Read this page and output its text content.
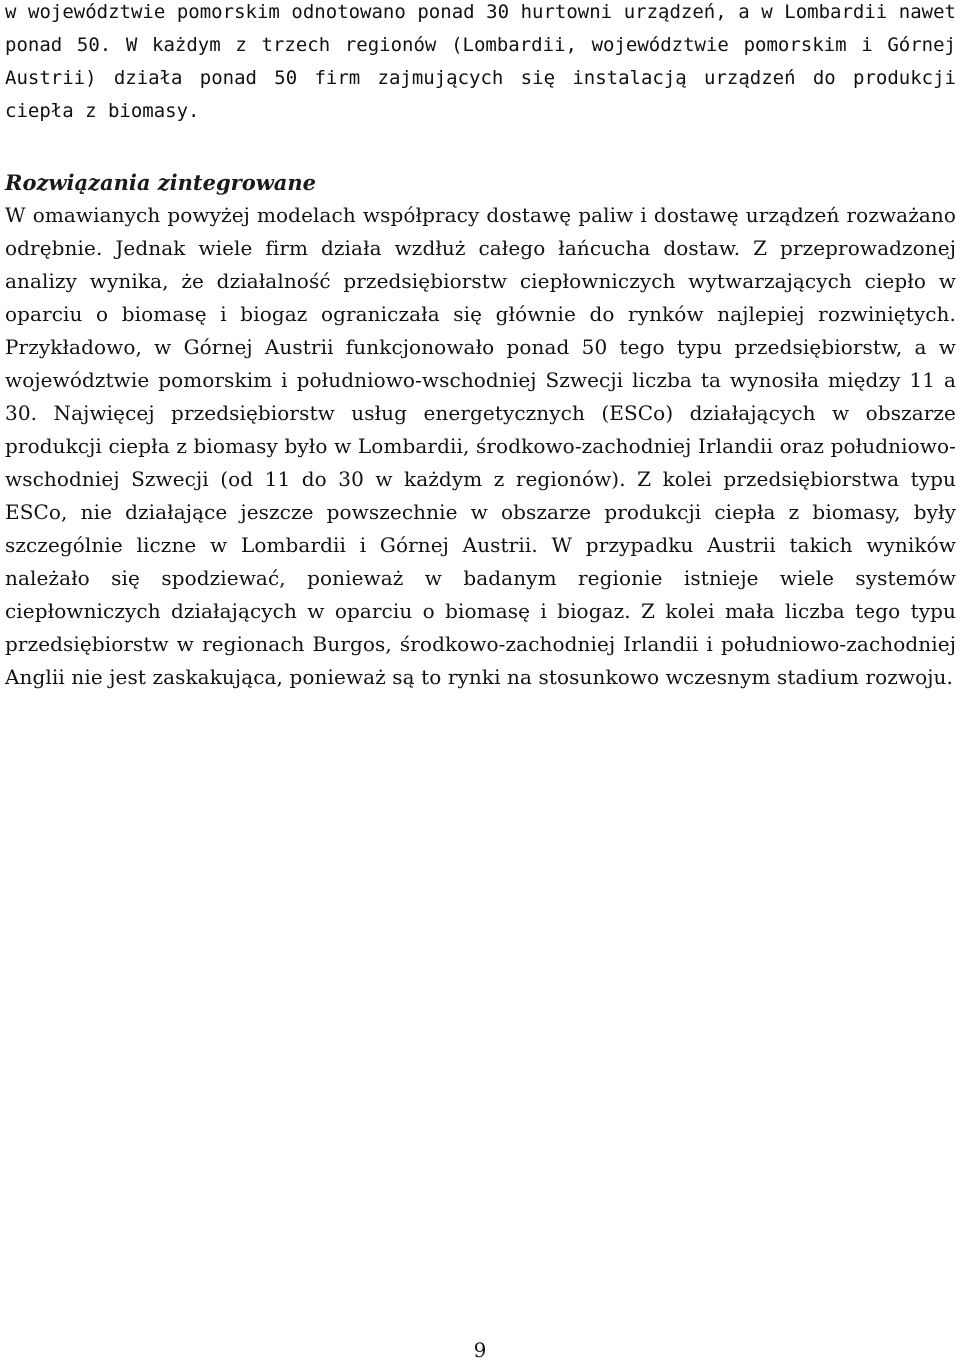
w województwie pomorskim odnotowano ponad 30 hurtowni urządzeń, a w Lombardii nawet ponad 50. W każdym z trzech regionów (Lombardii, województwie pomorskim i Górnej Austrii) działa ponad 50 firm zajmujących się instalacją urządzeń do produkcji ciepła z biomasy.

Rozwiązania zintegrowane

W omawianych powyżej modelach współpracy dostawę paliw i dostawę urządzeń rozważano odrębnie. Jednak wiele firm działa wzdłuż całego łańcucha dostaw. Z przeprowadzonej analizy wynika, że działalność przedsiębiorstw ciepłowniczych wytwarzających ciepło w oparciu o biomasę i biogaz ograniczała się głównie do rynków najlepiej rozwiniętych. Przykładowo, w Górnej Austrii funkcjonowało ponad 50 tego typu przedsiębiorstw, a w województwie pomorskim i południowo-wschodniej Szwecji liczba ta wynosiła między 11 a 30. Najwięcej przedsiębiorstw usług energetycznych (ESCo) działających w obszarze produkcji ciepła z biomasy było w Lombardii, środkowo-zachodniej Irlandii oraz południowo-wschodniej Szwecji (od 11 do 30 w każdym z regionów). Z kolei przedsiębiorstwa typu ESCo, nie działające jeszcze powszechnie w obszarze produkcji ciepła z biomasy, były szczególnie liczne w Lombardii i Górnej Austrii. W przypadku Austrii takich wyników należało się spodziewać, ponieważ w badanym regionie istnieje wiele systemów ciepłowniczych działających w oparciu o biomasę i biogaz. Z kolei mała liczba tego typu przedsiębiorstw w regionach Burgos, środkowo-zachodniej Irlandii i południowo-zachodniej Anglii nie jest zaskakująca, ponieważ są to rynki na stosunkowo wczesnym stadium rozwoju.

9
